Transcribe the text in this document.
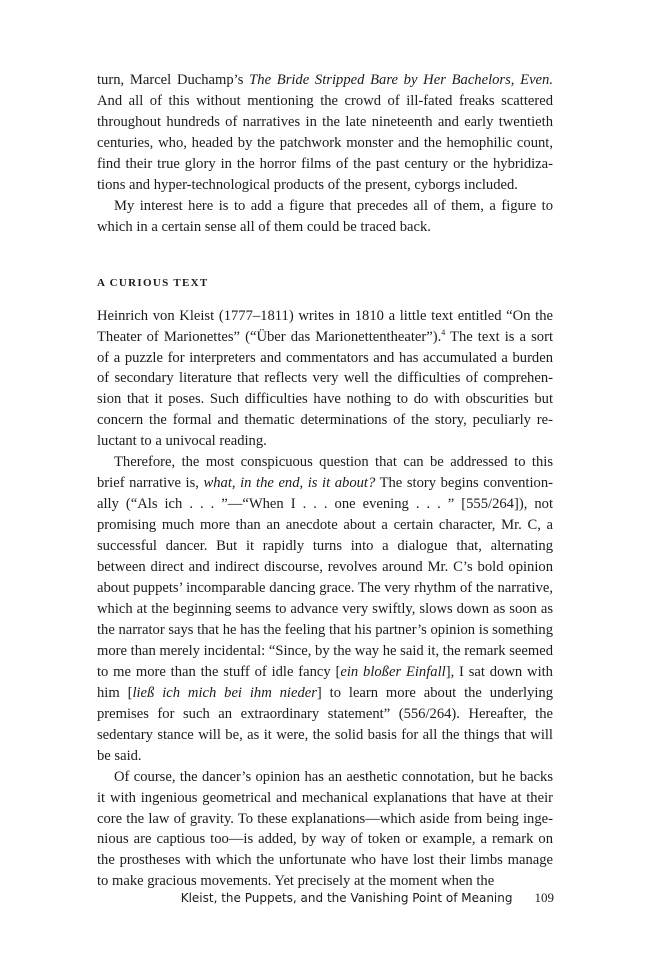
turn, Marcel Duchamp’s The Bride Stripped Bare by Her Bachelors, Even. And all of this without mentioning the crowd of ill-fated freaks scattered throughout hundreds of narratives in the late nineteenth and early twentieth centuries, who, headed by the patchwork monster and the hemophilic count, find their true glory in the horror films of the past century or the hybridizations and hyper-technological products of the present, cyborgs included.

My interest here is to add a figure that precedes all of them, a figure to which in a certain sense all of them could be traced back.

A CURIOUS TEXT

Heinrich von Kleist (1777–1811) writes in 1810 a little text entitled “On the Theater of Marionettes” (“Über das Marionettentheater”).$^4$ The text is a sort of a puzzle for interpreters and commentators and has accumulated a burden of secondary literature that reflects very well the difficulties of comprehension that it poses. Such difficulties have nothing to do with obscurities but concern the formal and thematic determinations of the story, peculiarly reluctant to a univocal reading.

Therefore, the most conspicuous question that can be addressed to this brief narrative is, what, in the end, is it about? The story begins conventionally (“Als ich . . . ”—“When I . . . one evening . . . ” [555/264]), not promising much more than an anecdote about a certain character, Mr. C, a successful dancer. But it rapidly turns into a dialogue that, alternating between direct and indirect discourse, revolves around Mr. C’s bold opinion about puppets’ incomparable dancing grace. The very rhythm of the narrative, which at the beginning seems to advance very swiftly, slows down as soon as the narrator says that he has the feeling that his partner’s opinion is something more than merely incidental: “Since, by the way he said it, the remark seemed to me more than the stuff of idle fancy [ein bloßer Einfall], I sat down with him [ließ ich mich bei ihm nieder] to learn more about the underlying premises for such an extraordinary statement” (556/264). Hereafter, the sedentary stance will be, as it were, the solid basis for all the things that will be said.

Of course, the dancer’s opinion has an aesthetic connotation, but he backs it with ingenious geometrical and mechanical explanations that have at their core the law of gravity. To these explanations—which aside from being ingenious are captious too—is added, by way of token or example, a remark on the prostheses with which the unfortunate who have lost their limbs manage to make gracious movements. Yet precisely at the moment when the

Kleist, the Puppets, and the Vanishing Point of Meaning 109
